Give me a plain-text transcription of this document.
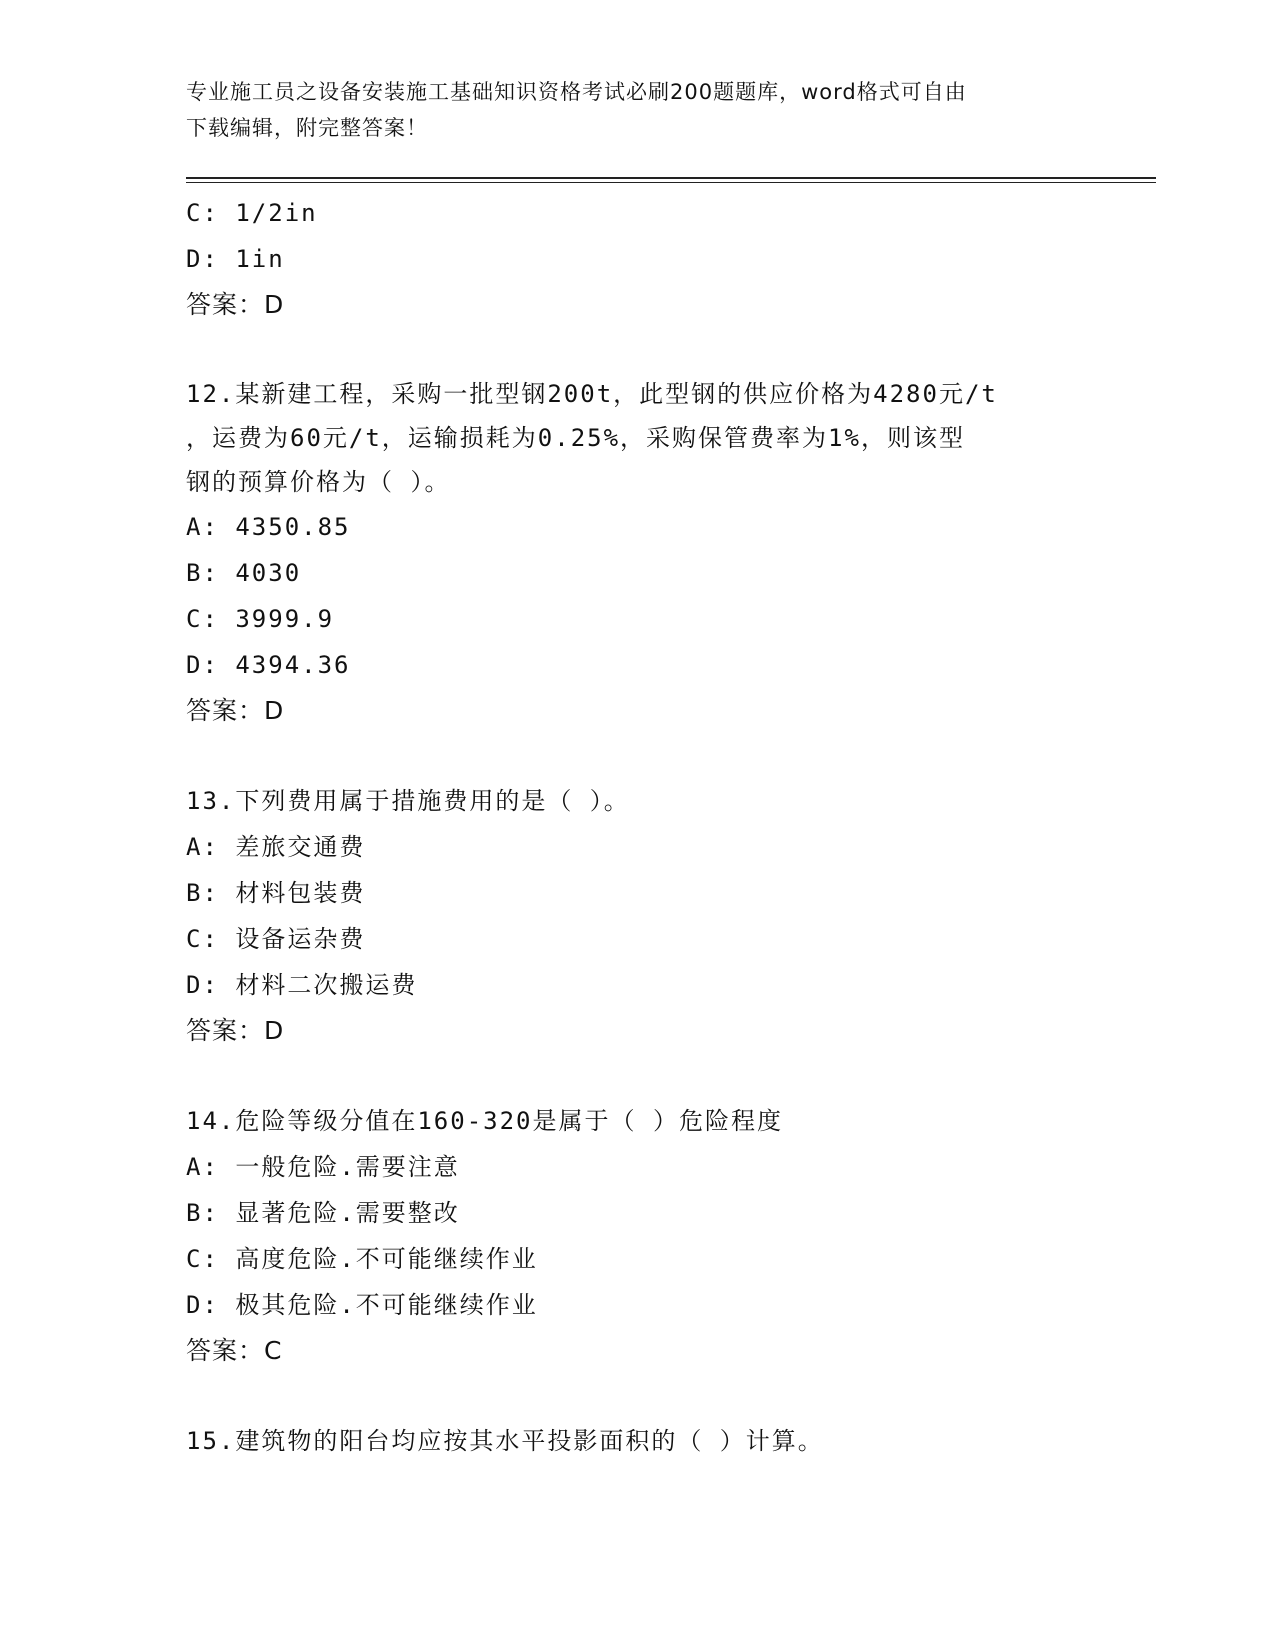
专业施工员之设备安装施工基础知识资格考试必刷200题题库，word格式可自由
下载编辑，附完整答案！
C: 1/2in
D: 1in
答案：D
12.某新建工程，采购一批型钢200t，此型钢的供应价格为4280元/t
，运费为60元/t，运输损耗为0.25%，采购保管费率为1%，则该型
钢的预算价格为（ ）。
A: 4350.85
B: 4030
C: 3999.9
D: 4394.36
答案：D
13.下列费用属于措施费用的是（ ）。
A: 差旅交通费
B: 材料包装费
C: 设备运杂费
D: 材料二次搬运费
答案：D
14.危险等级分值在160-320是属于（ ）危险程度
A: 一般危险.需要注意
B: 显著危险.需要整改
C: 高度危险.不可能继续作业
D: 极其危险.不可能继续作业
答案：C
15.建筑物的阳台均应按其水平投影面积的（ ）计算。
